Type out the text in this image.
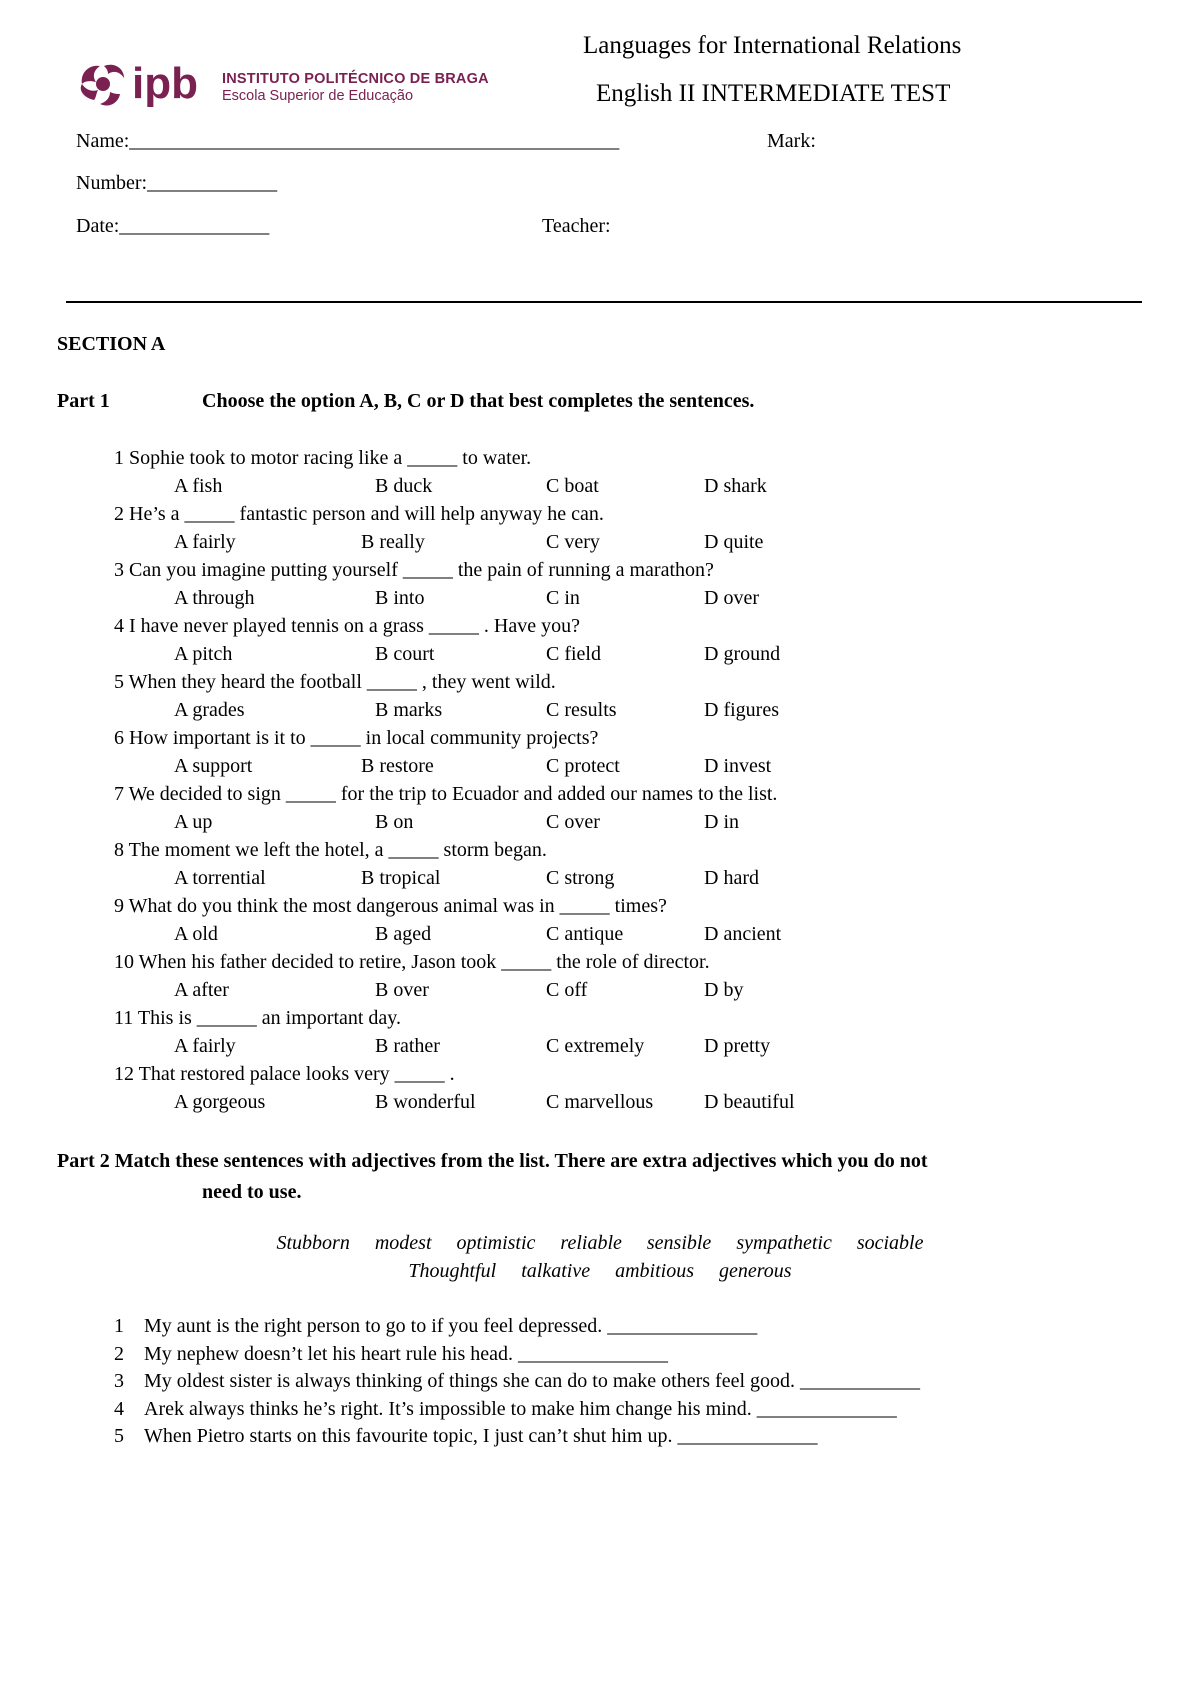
ipb INSTITUTO POLITÉCNICO DE BRAGA
Escola Superior de Educação
Languages for International Relations
English II INTERMEDIATE TEST
Name:_________________________________________________	Mark:
Number:_____________
Date:_______________	Teacher:
SECTION A
Part 1	Choose the option A, B, C or D that best completes the sentences.
1 Sophie took to motor racing like a _____ to water.
A fish	B duck	C boat	D shark
2 He’s a _____ fantastic person and will help anyway he can.
A fairly	B really	C very	D quite
3 Can you imagine putting yourself _____ the pain of running a marathon?
A through	B into	C in	D over
4 I have never played tennis on a grass _____ . Have you?
A pitch	B court	C field	D ground
5 When they heard the football _____ , they went wild.
A grades	B marks	C results	D figures
6 How important is it to _____ in local community projects?
A support	B restore	C protect	D invest
7 We decided to sign _____ for the trip to Ecuador and added our names to the list.
A up	B on	C over	D in
8 The moment we left the hotel, a _____ storm began.
A torrential	B tropical	C strong	D hard
9 What do you think the most dangerous animal was in _____ times?
A old	B aged	C antique	D ancient
10 When his father decided to retire, Jason took _____ the role of director.
A after	B over	C off	D by
11 This is ______ an important day.
A fairly	B rather	C extremely	D pretty
12 That restored palace looks very _____ .
A gorgeous	B wonderful	C marvellous	D beautiful
Part 2 Match these sentences with adjectives from the list. There are extra adjectives which you do not
need to use.
Stubborn modest optimistic reliable sensible sympathetic sociable
Thoughtful talkative ambitious generous
1 My aunt is the right person to go to if you feel depressed. _______________
2 My nephew doesn’t let his heart rule his head. _______________
3 My oldest sister is always thinking of things she can do to make others feel good. ____________
4 Arek always thinks he’s right. It’s impossible to make him change his mind. ______________
5 When Pietro starts on this favourite topic, I just can’t shut him up. ______________
